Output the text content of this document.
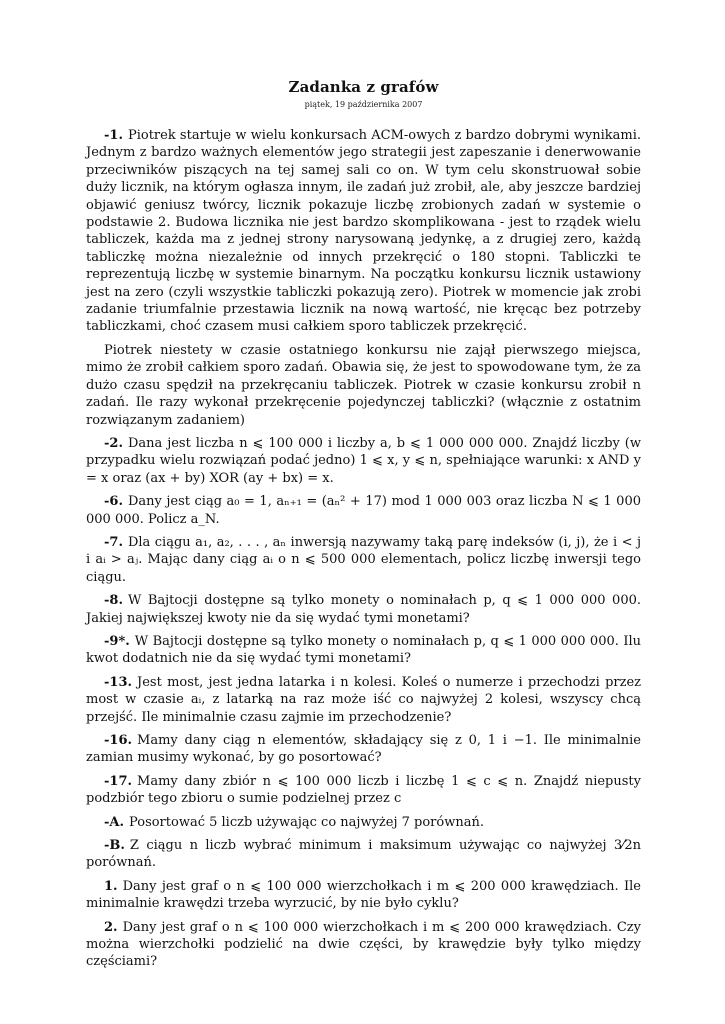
Zadanka z grafów
piątek, 19 października 2007
-1. Piotrek startuje w wielu konkursach ACM-owych z bardzo dobrymi wynikami. Jednym z bardzo ważnych elementów jego strategii jest zapeszanie i denerwowanie przeciwników piszących na tej samej sali co on. W tym celu skonstruował sobie duży licznik, na którym ogłasza innym, ile zadań już zrobił, ale, aby jeszcze bardziej objawić geniusz twórcy, licznik pokazuje liczbę zrobionych zadań w systemie o podstawie 2. Budowa licznika nie jest bardzo skomplikowana - jest to rządek wielu tabliczek, każda ma z jednej strony narysowaną jedynkę, a z drugiej zero, każdą tabliczkę można niezależnie od innych przekręcić o 180 stopni. Tabliczki te reprezentują liczbę w systemie binarnym. Na początku konkursu licznik ustawiony jest na zero (czyli wszystkie tabliczki pokazują zero). Piotrek w momencie jak zrobi zadanie triumfalnie przestawia licznik na nową wartość, nie kręcąc bez potrzeby tabliczkami, choć czasem musi całkiem sporo tabliczek przekręcić.
Piotrek niestety w czasie ostatniego konkursu nie zajął pierwszego miejsca, mimo że zrobił całkiem sporo zadań. Obawia się, że jest to spowodowane tym, że za dużo czasu spędził na przekręcaniu tabliczek. Piotrek w czasie konkursu zrobił n zadań. Ile razy wykonał przekręcenie pojedynczej tabliczki? (włącznie z ostatnim rozwiązanym zadaniem)
-2. Dana jest liczba n ⩽ 100 000 i liczby a, b ⩽ 1 000 000 000. Znajdź liczby (w przypadku wielu rozwiązań podać jedno) 1 ⩽ x, y ⩽ n, spełniające warunki: x AND y = x oraz (ax + by) XOR (ay + bx) = x.
-6. Dany jest ciąg a₀ = 1, aₙ₊₁ = (aₙ² + 17) mod 1 000 003 oraz liczba N ⩽ 1 000 000 000. Policz a_N.
-7. Dla ciągu a₁, a₂, . . . , aₙ inwersją nazywamy taką parę indeksów (i, j), że i < j i aᵢ > aⱼ. Mając dany ciąg aᵢ o n ⩽ 500 000 elementach, policz liczbę inwersji tego ciągu.
-8. W Bajtocji dostępne są tylko monety o nominałach p, q ⩽ 1 000 000 000. Jakiej największej kwoty nie da się wydać tymi monetami?
-9*. W Bajtocji dostępne są tylko monety o nominałach p, q ⩽ 1 000 000 000. Ilu kwot dodatnich nie da się wydać tymi monetami?
-13. Jest most, jest jedna latarka i n kolesi. Koleś o numerze i przechodzi przez most w czasie aᵢ, z latarką na raz może iść co najwyżej 2 kolesi, wszyscy chcą przejść. Ile minimalnie czasu zajmie im przechodzenie?
-16. Mamy dany ciąg n elementów, składający się z 0, 1 i −1. Ile minimalnie zamian musimy wykonać, by go posortować?
-17. Mamy dany zbiór n ⩽ 100 000 liczb i liczbę 1 ⩽ c ⩽ n. Znajdź niepusty podzbiór tego zbioru o sumie podzielnej przez c
-A. Posortować 5 liczb używając co najwyżej 7 porównań.
-B. Z ciągu n liczb wybrać minimum i maksimum używając co najwyżej 3⁄2n porównań.
1. Dany jest graf o n ⩽ 100 000 wierzchołkach i m ⩽ 200 000 krawędziach. Ile minimalnie krawędzi trzeba wyrzucić, by nie było cyklu?
2. Dany jest graf o n ⩽ 100 000 wierzchołkach i m ⩽ 200 000 krawędziach. Czy można wierzchołki podzielić na dwie części, by krawędzie były tylko między częściami?
